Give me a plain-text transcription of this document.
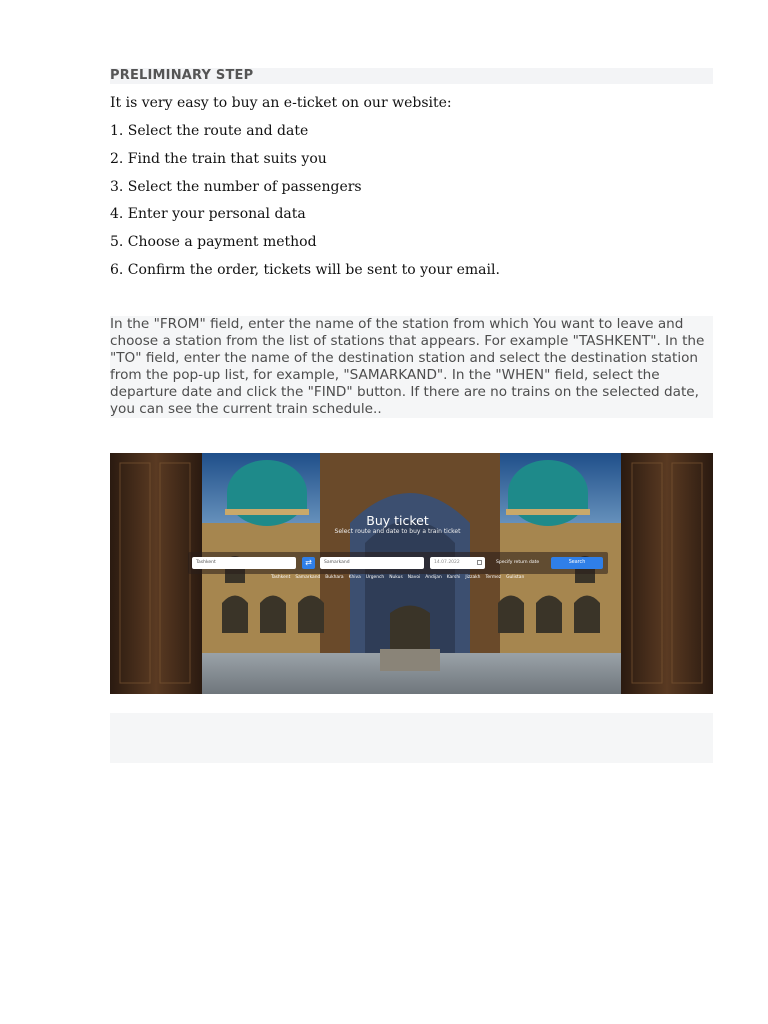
PRELIMINARY STEP

It is very easy to buy an e-ticket on our website:

1. Select the route and date
2. Find the train that suits you
3. Select the number of passengers
4. Enter your personal data
5. Choose a payment method
6. Confirm the order, tickets will be sent to your email.

In the "FROM" field, enter the name of the station from which You want to leave and choose a station from the list of stations that appears. For example "TASHKENT". In the "TO" field, enter the name of the destination station and select the destination station from the pop-up list, for example, "SAMARKAND". In the "WHEN" field, select the departure date and click the "FIND" button. If there are no trains on the selected date, you can see the current train schedule..

Buy ticket
Select route and date to buy a train ticket
Tashkent	⇄	Samarkand	14.07.2022	Specify return date	Search
Tashkent Samarkand Bukhara Khiva Urgench Nukus Navoi Andijan Karshi Jizzakh Termez Gulistan
